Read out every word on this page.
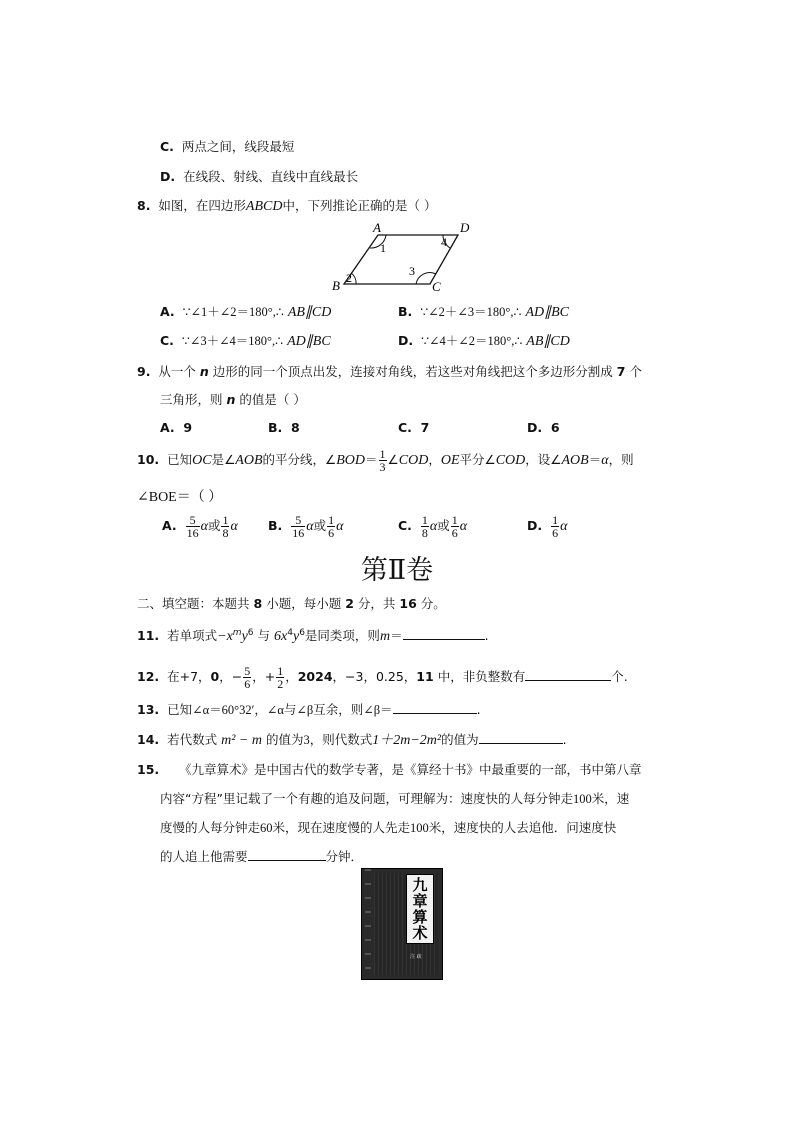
C. 两点之间，线段最短
D. 在线段、射线、直线中直线最长
8. 如图，在四边形ABCD中，下列推论正确的是（ ）
A	D
B	C
1	4
2	3
A. ∵∠1＋∠2＝180°,∴ AB∥CD	B. ∵∠2＋∠3＝180°,∴ AD∥BC
C. ∵∠3＋∠4＝180°,∴ AD∥BC	D. ∵∠4＋∠2＝180°,∴ AB∥CD
9. 从一个 n 边形的同一个顶点出发，连接对角线，若这些对角线把这个多边形分割成 7 个
三角形，则 n 的值是（ ）
A. 9	B. 8	C. 7	D. 6
10. 已知OC是∠AOB的平分线，∠BOD＝ $\frac{1}{3}$ ∠COD，OE平分∠COD，设∠AOB＝α，则
∠BOE＝（ ）
A. $\frac{5}{16}$ α或 $\frac{1}{8}$ α B. $\frac{5}{16}$ α或 $\frac{1}{6}$ α	C. $\frac{1}{8}$ α或 $\frac{1}{6}$ α	D. $\frac{1}{6}$ α
第Ⅱ卷
二、填空题：本题共 8 小题，每小题 2 分，共 16 分。
11. 若单项式$-x^my^6$ 与 $6x^4y^6$是同类项，则m＝	.
12. 在+7，0，− $\frac{5}{6}$ ，+ $\frac{1}{2}$ ，2024，−3，0.25，11 中，非负整数有	个.
13. 已知∠α＝60°32′，∠α与∠β互余，则∠β＝	.
14. 若代数式 m² − m 的值为3，则代数式1＋2m−2m²的值为	.
15. 《九章算术》是中国古代的数学专著，是《算经十书》中最重要的一部，书中第八章
内容“方程”里记载了一个有趣的追及问题，可理解为：速度快的人每分钟走100米，速
度慢的人每分钟走60米，现在速度慢的人先走100米，速度快的人去追他．问速度快
的人追上他需要	分钟．
九
章
算
术
注 疏
